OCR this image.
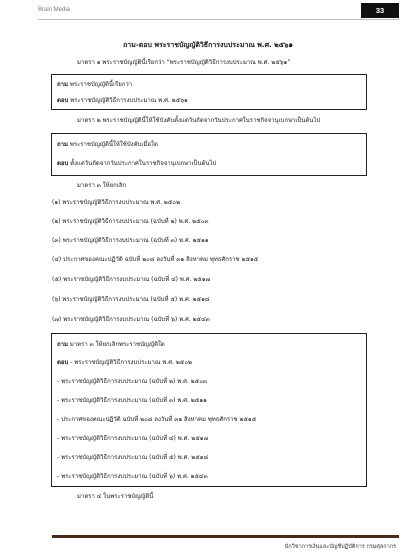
Brain Media	33
ถาม-ตอบ พระราชบัญญัติวิธีการงบประมาณ พ.ศ. ๒๕๖๑
มาตรา ๑ พระราชบัญญัตินี้เรียกว่า “พระราชบัญญัติวิธีการงบประมาณ พ.ศ. ๒๕๖๑”
ถาม พระราชบัญญัตินี้เรียกว่า
ตอบ พระราชบัญญัติวิธีการงบประมาณ พ.ศ. ๒๕๖๑
มาตรา ๒ พระราชบัญญัตินี้ให้ใช้บังคับตั้งแต่วันถัดจากวันประกาศในราชกิจจานุเบกษาเป็นต้นไป
ถาม พระราชบัญญัตินี้ให้ใช้บังคับเมื่อใด
ตอบ ตั้งแต่วันถัดจากวันประกาศในราชกิจจานุเบกษาเป็นต้นไป
มาตรา ๓ ให้ยกเลิก
(๑) พระราชบัญญัติวิธีการงบประมาณ พ.ศ. ๒๕๐๒
(๒) พระราชบัญญัติวิธีการงบประมาณ (ฉบับที่ ๒) พ.ศ. ๒๕๐๓
(๓) พระราชบัญญัติวิธีการงบประมาณ (ฉบับที่ ๓) พ.ศ. ๒๕๑๑
(๔) ประกาศของคณะปฏิวัติ ฉบับที่ ๒๐๘ ลงวันที่ ๓๑ สิงหาคม พุทธศักราช ๒๕๑๕
(๕) พระราชบัญญัติวิธีการงบประมาณ (ฉบับที่ ๔) พ.ศ. ๒๕๑๗
(๖) พระราชบัญญัติวิธีการงบประมาณ (ฉบับที่ ๕) พ.ศ. ๒๕๑๘
(๗) พระราชบัญญัติวิธีการงบประมาณ (ฉบับที่ ๖) พ.ศ. ๒๕๔๓
ถาม มาตรา ๓ ให้ยกเลิกพระราชบัญญัติใด
ตอบ - พระราชบัญญัติวิธีการงบประมาณ พ.ศ. ๒๕๐๒
- พระราชบัญญัติวิธีการงบประมาณ (ฉบับที่ ๒) พ.ศ. ๒๕๐๓
- พระราชบัญญัติวิธีการงบประมาณ (ฉบับที่ ๓) พ.ศ. ๒๕๑๑
- ประกาศของคณะปฏิวัติ ฉบับที่ ๒๐๘ ลงวันที่ ๓๑ สิงหาคม พุทธศักราช ๒๕๑๕
- พระราชบัญญัติวิธีการงบประมาณ (ฉบับที่ ๔) พ.ศ. ๒๕๑๗
- พระราชบัญญัติวิธีการงบประมาณ (ฉบับที่ ๕) พ.ศ. ๒๕๑๘
- พระราชบัญญัติวิธีการงบประมาณ (ฉบับที่ ๖) พ.ศ. ๒๕๔๓
มาตรา ๔ ในพระราชบัญญัตินี้
นักวิชาการเงินและบัญชีปฏิบัติการ กรมศุลกากร
